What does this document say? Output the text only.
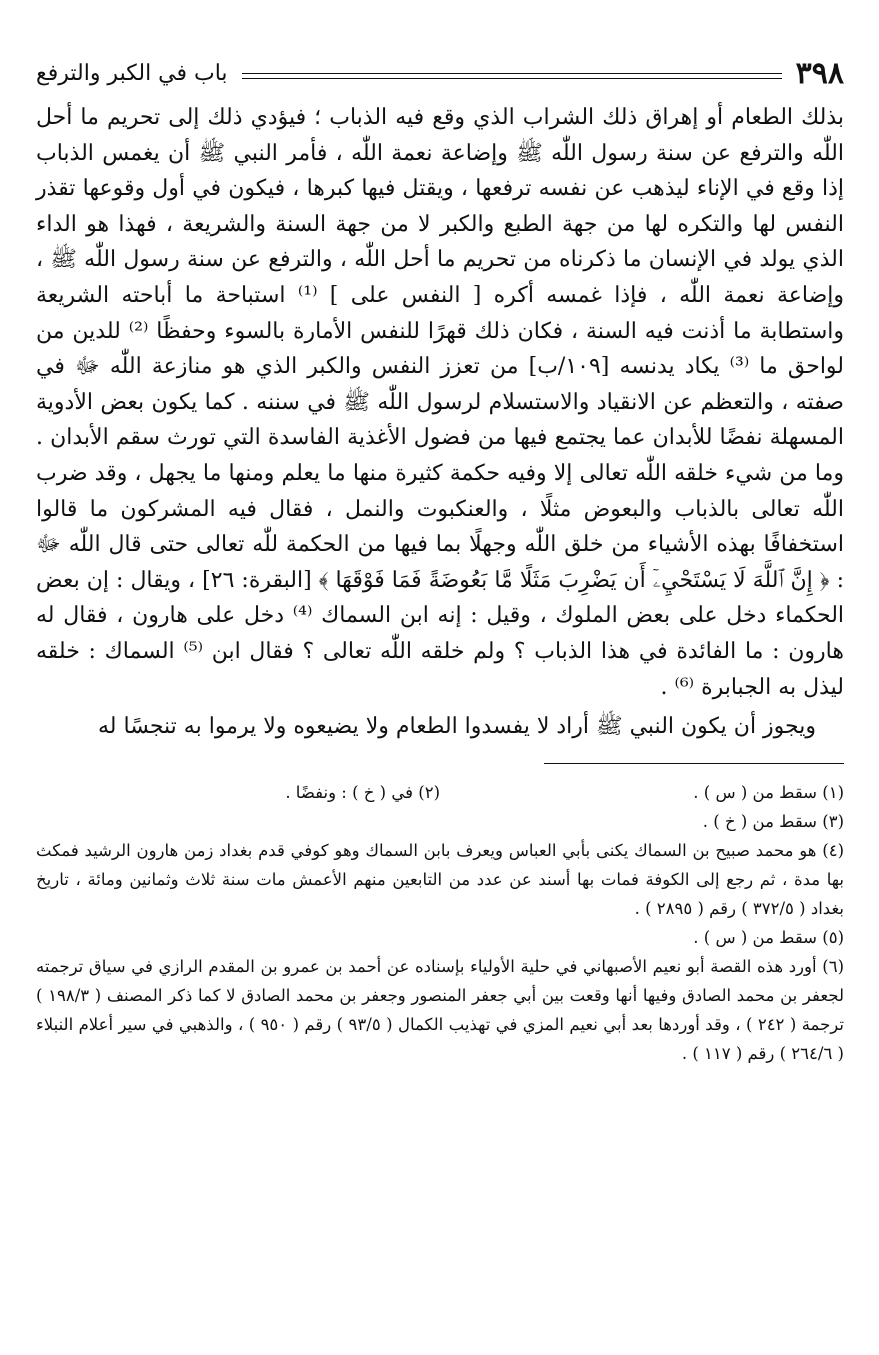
٣٩٨
باب في الكبر والترفع

بذلك الطعام أو إهراق ذلك الشراب الذي وقع فيه الذباب ؛ فيؤدي ذلك إلى تحريم ما أحل اللّٰه والترفع عن سنة رسول اللّٰه ﷺ وإضاعة نعمة اللّٰه ، فأمر النبي ﷺ أن يغمس الذباب إذا وقع في الإناء ليذهب عن نفسه ترفعها ، ويقتل فيها كبرها ، فيكون في أول وقوعها تقذر النفس لها والتكره لها من جهة الطبع والكبر لا من جهة السنة والشريعة ، فهذا هو الداء الذي يولد في الإنسان ما ذكرناه من تحريم ما أحل اللّٰه ، والترفع عن سنة رسول اللّٰه ﷺ ، وإضاعة نعمة اللّٰه ، فإذا غمسه أكره [ النفس على ] ⁽¹⁾ استباحة ما أباحته الشريعة واستطابة ما أذنت فيه السنة ، فكان ذلك قهرًا للنفس الأمارة بالسوء وحفظًا ⁽²⁾ للدين من لواحق ما ⁽³⁾ يكاد يدنسه [١٠٩/ب] من تعزز النفس والكبر الذي هو منازعة اللّٰه ﷻ في صفته ، والتعظم عن الانقياد والاستسلام لرسول اللّٰه ﷺ في سننه . كما يكون بعض الأدوية المسهلة نفضًا للأبدان عما يجتمع فيها من فضول الأغذية الفاسدة التي تورث سقم الأبدان . وما من شيء خلقه اللّٰه تعالى إلا وفيه حكمة كثيرة منها ما يعلم ومنها ما يجهل ، وقد ضرب اللّٰه تعالى بالذباب والبعوض مثلًا ، والعنكبوت والنمل ، فقال فيه المشركون ما قالوا استخفافًا بهذه الأشياء من خلق اللّٰه وجهلًا بما فيها من الحكمة للّٰه تعالى حتى قال اللّٰه ﷻ : ﴿ إِنَّ ٱللَّهَ لَا يَسْتَحْيِۦٓ أَن يَضْرِبَ مَثَلًا مَّا بَعُوضَةً فَمَا فَوْقَهَا ﴾ [البقرة: ٢٦] ، ويقال : إن بعض الحكماء دخل على بعض الملوك ، وقيل : إنه ابن السماك ⁽⁴⁾ دخل على هارون ، فقال له هارون : ما الفائدة في هذا الذباب ؟ ولم خلقه اللّٰه تعالى ؟ فقال ابن ⁽⁵⁾ السماك : خلقه ليذل به الجبابرة ⁽⁶⁾ .

ويجوز أن يكون النبي ﷺ أراد لا يفسدوا الطعام ولا يضيعوه ولا يرموا به تنجسًا له

(١) سقط من ( س ) .
(٢) في ( خ ) : ونفضًا .
(٣) سقط من ( خ ) .
(٤) هو محمد صبيح بن السماك يكنى بأبي العباس ويعرف بابن السماك وهو كوفي قدم بغداد زمن هارون الرشيد فمكث بها مدة ، ثم رجع إلى الكوفة فمات بها أسند عن عدد من التابعين منهم الأعمش مات سنة ثلاث وثمانين ومائة ، تاريخ بغداد ( ٣٧٢/٥ ) رقم ( ٢٨٩٥ ) .
(٥) سقط من ( س ) .
(٦) أورد هذه القصة أبو نعيم الأصبهاني في حلية الأولياء بإسناده عن أحمد بن عمرو بن المقدم الرازي في سياق ترجمته لجعفر بن محمد الصادق وفيها أنها وقعت بين أبي جعفر المنصور وجعفر بن محمد الصادق لا كما ذكر المصنف ( ١٩٨/٣ ) ترجمة ( ٢٤٢ ) ، وقد أوردها بعد أبي نعيم المزي في تهذيب الكمال ( ٩٣/٥ ) رقم ( ٩٥٠ ) ، والذهبي في سير أعلام النبلاء ( ٢٦٤/٦ ) رقم ( ١١٧ ) .
